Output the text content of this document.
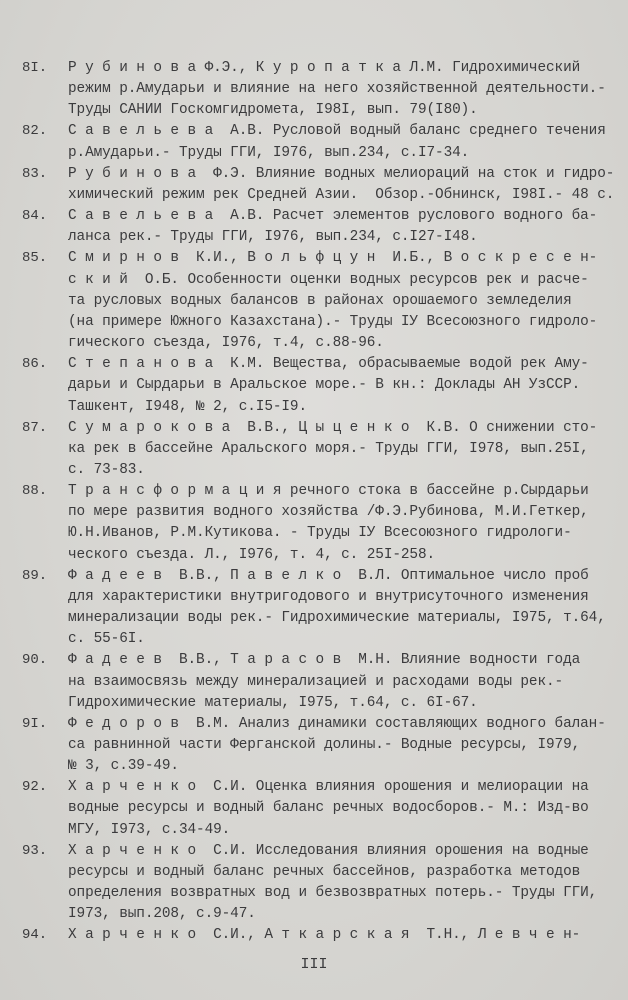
8I. Р у б и н о в а Ф.Э., К у р о п а т к а Л.М. Гидрохимический
режим р.Амударьи и влияние на него хозяйственной деятельности.-
Труды САНИИ Госкомгидромета, I98I, вып. 79(I80).
82. С а в е л ь е в а  А.В. Русловой водный баланс среднего течения
р.Амударьи.- Труды ГГИ, I976, вып.234, с.I7-34.
83. Р у б и н о в а  Ф.Э. Влияние водных мелиораций на сток и гидро-
химический режим рек Средней Азии.  Обзор.-Обнинск, I98I.- 48 с.
84. С а в е л ь е в а  А.В. Расчет элементов руслового водного ба-
ланса рек.- Труды ГГИ, I976, вып.234, с.I27-I48.
85. С м и р н о в  К.И., В о л ь ф ц у н  И.Б., В о с к р е с е н-
с к и й  О.Б. Особенности оценки водных ресурсов рек и расче-
та русловых водных балансов в районах орошаемого земледелия
(на примере Южного Казахстана).- Труды IУ Всесоюзного гидроло-
гического съезда, I976, т.4, с.88-96.
86. С т е п а н о в а  К.М. Вещества, обрасываемые водой рек Аму-
дарьи и Сырдарьи в Аральское море.- В кн.: Доклады АН УзССР.
Ташкент, I948, № 2, с.I5-I9.
87. С у м а р о к о в а  В.В., Ц ы ц е н к о  К.В. О снижении сто-
ка рек в бассейне Аральского моря.- Труды ГГИ, I978, вып.25I,
с. 73-83.
88. Т р а н с ф о р м а ц и я речного стока в бассейне р.Сырдарьи
по мере развития водного хозяйства /Ф.Э.Рубинова, М.И.Геткер,
Ю.Н.Иванов, Р.М.Кутикова. - Труды IУ Всесоюзного гидрологи-
ческого съезда. Л., I976, т. 4, с. 25I-258.
89. Ф а д е е в  В.В., П а в е л к о  В.Л. Оптимальное число проб
для характеристики внутригодового и внутрисуточного изменения
минерализации воды рек.- Гидрохимические материалы, I975, т.64,
с. 55-6I.
90. Ф а д е е в  В.В., Т а р а с о в  М.Н. Влияние водности года
на взаимосвязь между минерализацией и расходами воды рек.-
Гидрохимические материалы, I975, т.64, с. 6I-67.
9I. Ф е д о р о в  В.М. Анализ динамики составляющих водного балан-
са равнинной части Ферганской долины.- Водные ресурсы, I979,
№ 3, с.39-49.
92. Х а р ч е н к о  С.И. Оценка влияния орошения и мелиорации на
водные ресурсы и водный баланс речных водосборов.- М.: Изд-во
МГУ, I973, с.34-49.
93. Х а р ч е н к о  С.И. Исследования влияния орошения на водные
ресурсы и водный баланс речных бассейнов, разработка методов
определения возвратных вод и безвозвратных потерь.- Труды ГГИ,
I973, вып.208, с.9-47.
94. Х а р ч е н к о  С.И., А т к а р с к а я  Т.Н., Л е в ч е н-
III
